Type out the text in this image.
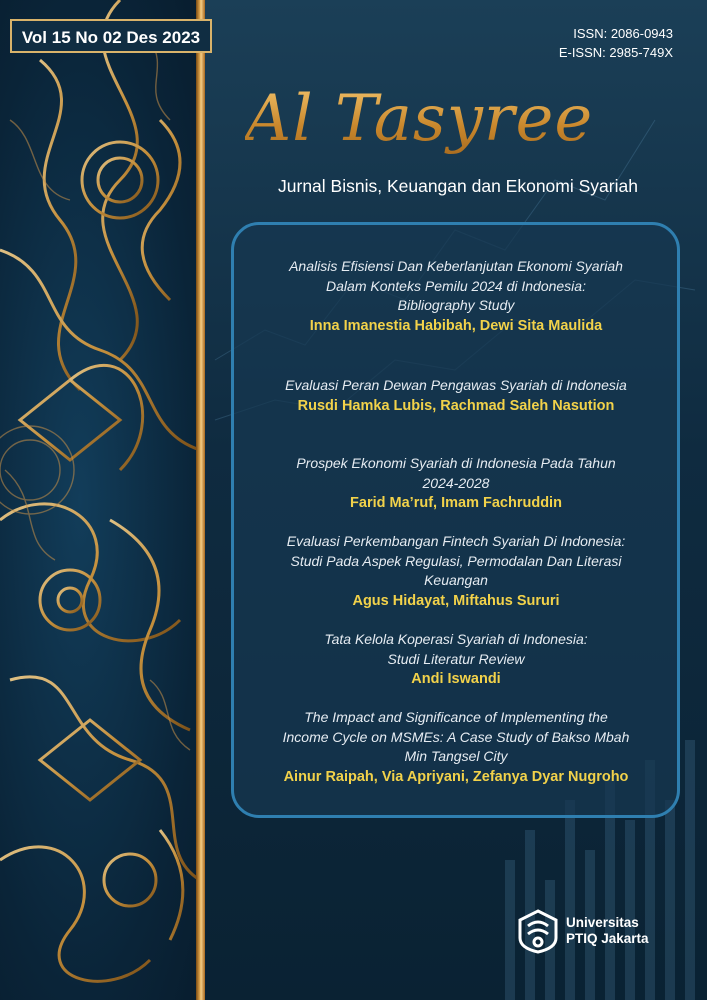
Vol 15 No 02 Des 2023	ISSN: 2086-0943
E-ISSN: 2985-749X
Al Tasyree
Jurnal Bisnis, Keuangan dan Ekonomi Syariah
Analisis Efisiensi Dan Keberlanjutan Ekonomi Syariah
Dalam Konteks Pemilu 2024 di Indonesia:
Bibliography Study
Inna Imanestia Habibah, Dewi Sita Maulida
Evaluasi Peran Dewan Pengawas Syariah di Indonesia
Rusdi Hamka Lubis, Rachmad Saleh Nasution
Prospek Ekonomi Syariah di Indonesia Pada Tahun
2024-2028
Farid Ma’ruf, Imam Fachruddin
Evaluasi Perkembangan Fintech Syariah Di Indonesia:
Studi Pada Aspek Regulasi, Permodalan Dan Literasi
Keuangan
Agus Hidayat, Miftahus Sururi
Tata Kelola Koperasi Syariah di Indonesia:
Studi Literatur Review
Andi Iswandi
The Impact and Significance of Implementing the
Income Cycle on MSMEs: A Case Study of Bakso Mbah
Min Tangsel City
Ainur Raipah, Via Apriyani, Zefanya Dyar Nugroho
Universitas
PTIQ Jakarta
